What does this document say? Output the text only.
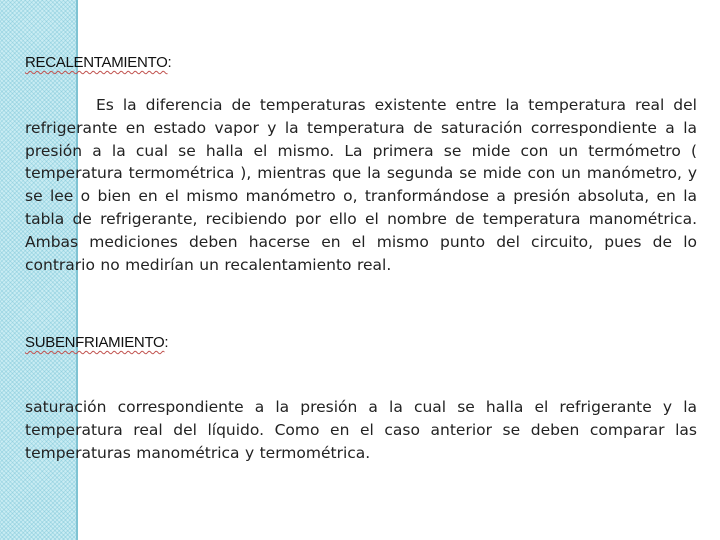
RECALENTAMIENTO:

Es la diferencia de temperaturas existente entre la temperatura real del refrigerante en estado vapor y la temperatura de saturación correspondiente a la presión a la cual se halla el mismo. La primera se mide con un termómetro ( temperatura termométrica ), mientras que la segunda se mide con un manómetro, y se lee o bien en el mismo manómetro o, tranformándose a presión absoluta, en la tabla de refrigerante, recibiendo por ello el nombre de temperatura manométrica. Ambas mediciones deben hacerse en el mismo punto del circuito, pues de lo contrario no medirían un recalentamiento real.

SUBENFRIAMIENTO:

saturación correspondiente a la presión a la cual se halla el refrigerante y la temperatura real del líquido. Como en el caso anterior se deben comparar las temperaturas manométrica y termométrica.
